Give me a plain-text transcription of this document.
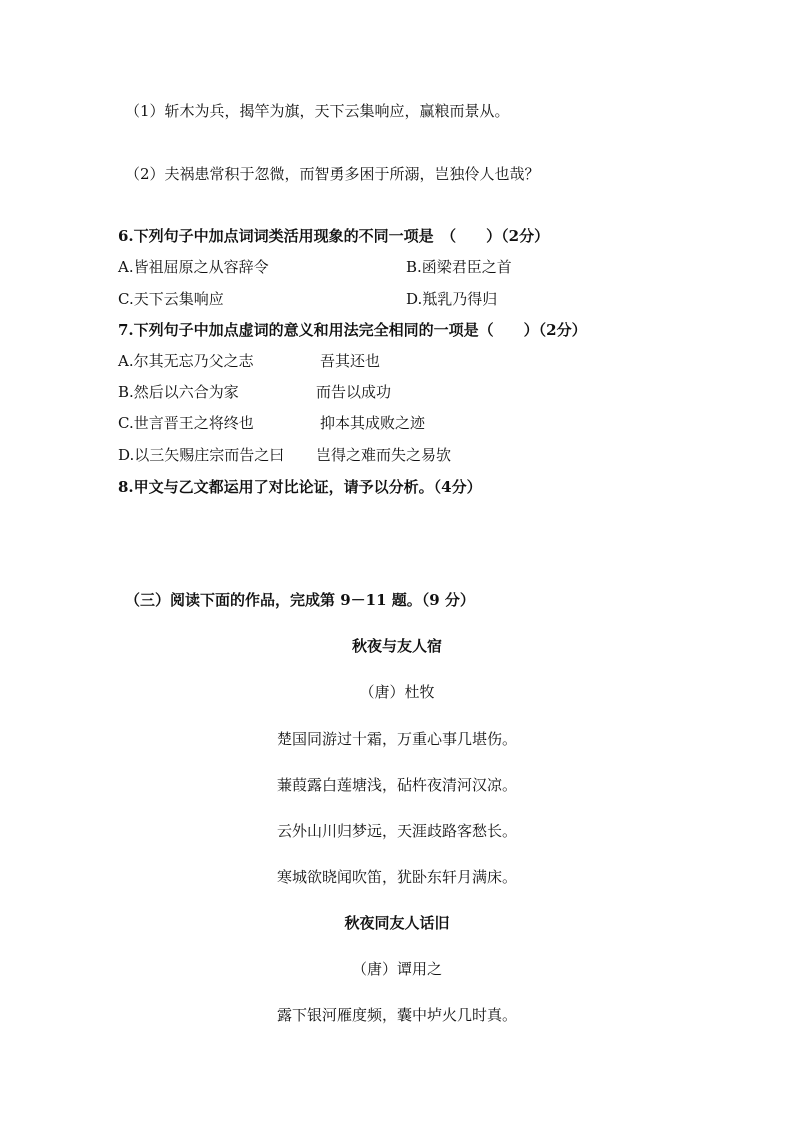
（1）斩木为兵，揭竿为旗，天下云集响应，赢粮而景从。
（2）夫祸患常积于忽微，而智勇多困于所溺，岂独伶人也哉？
6.下列句子中加点词词类活用现象的不同一项是　（　　）（2分）
A.皆祖屈原之从容辞令	B.函梁君臣之首
C.天下云集响应	D.羝乳乃得归
7.下列句子中加点虚词的意义和用法完全相同的一项是（　　）（2分）
A.尔其无忘乃父之志	吾其还也
B.然后以六合为家	而告以成功
C.世言晋王之将终也	抑本其成败之迹
D.以三矢赐庄宗而告之曰 岂得之难而失之易欤
8.甲文与乙文都运用了对比论证，请予以分析。（4分）
（三）阅读下面的作品，完成第 9－11 题。（9 分）
秋夜与友人宿
（唐）杜牧
楚国同游过十霜，万重心事几堪伤。
蒹葭露白莲塘浅，砧杵夜清河汉凉。
云外山川归梦远，天涯歧路客愁长。
寒城欲晓闻吹笛，犹卧东轩月满床。
秋夜同友人话旧
（唐）谭用之
露下银河雁度频，囊中垆火几时真。
